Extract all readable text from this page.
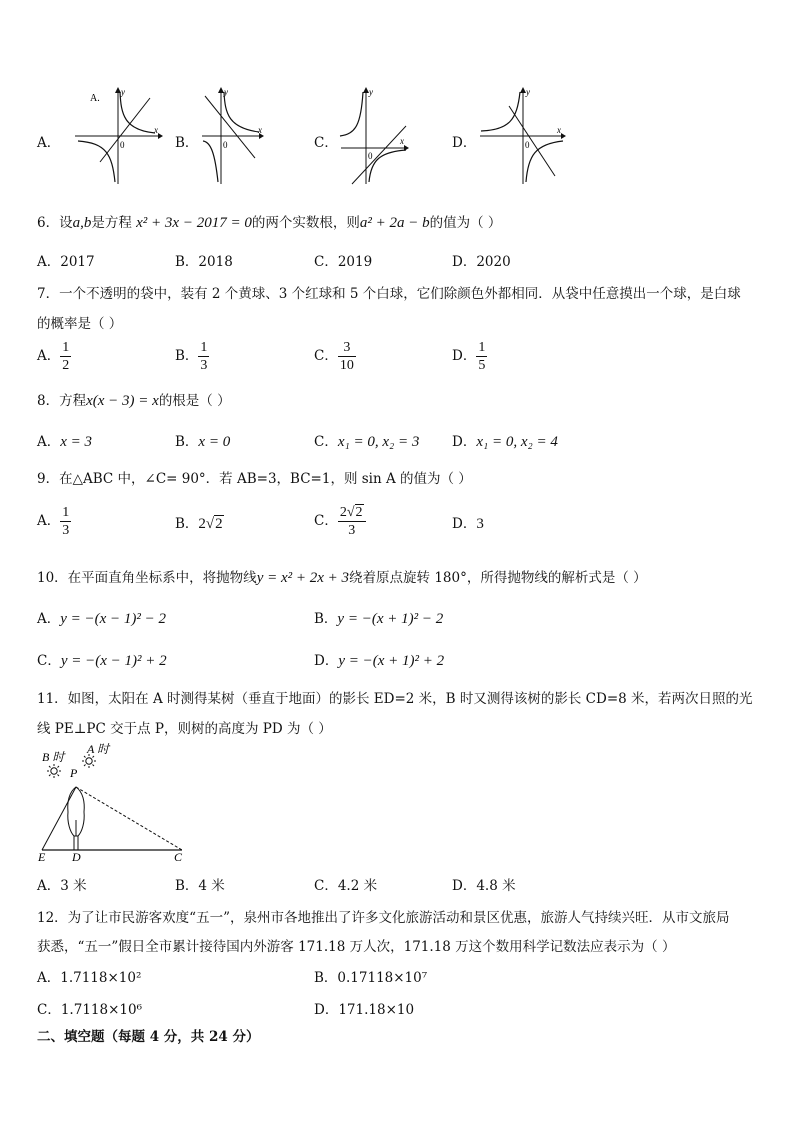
A．	B．	C．	D．
A.
x
y
0
x
y
0	x
y
0
x
y
0
6．设a,b是方程 x² + 3x − 2017 = 0的两个实数根，则a² + 2a − b的值为（ ）
A．2017	B．2018	C．2019	D．2020
7．一个不透明的袋中，装有 2 个黄球、3 个红球和 5 个白球，它们除颜色外都相同．从袋中任意摸出一个球，是白球
的概率是（ ）
A． $\frac{1}{2}$	B． $\frac{1}{3}$	C． $\frac{3}{10}$	D． $\frac{1}{5}$
8．方程x(x − 3) = x的根是（ ）
A．x = 3	B．x = 0	C．x₁ = 0, x₂ = 3 D．x₁ = 0, x₂ = 4
9．在△ABC 中，∠C= 90°．若 AB=3，BC=1，则 sin A 的值为（ ）
A． $\frac{1}{3}$	B．2√2	C． $\frac{2√2}{3}$	D．3
10．在平面直角坐标系中，将抛物线y = x² + 2x + 3绕着原点旋转 180°，所得抛物线的解析式是（ ）
A．y = −(x − 1)² − 2	B．y = −(x + 1)² − 2
C．y = −(x − 1)² + 2	D．y = −(x + 1)² + 2
11．如图，太阳在 A 时测得某树（垂直于地面）的影长 ED=2 米，B 时又测得该树的影长 CD=8 米，若两次日照的光
线 PE⊥PC 交于点 P，则树的高度为 PD 为（ ）
B 时
A 时
P
E D	C
A．3 米	B．4 米	C．4.2 米	D．4.8 米
12．为了让市民游客欢度“五一”，泉州市各地推出了许多文化旅游活动和景区优惠，旅游人气持续兴旺．从市文旅局
获悉，“五一”假日全市累计接待国内外游客 171.18 万人次，171.18 万这个数用科学记数法应表示为（ ）
A．1.7118×10²	B．0.17118×10⁷
C．1.7118×10⁶	D．171.18×10
二、填空题（每题 4 分，共 24 分）
